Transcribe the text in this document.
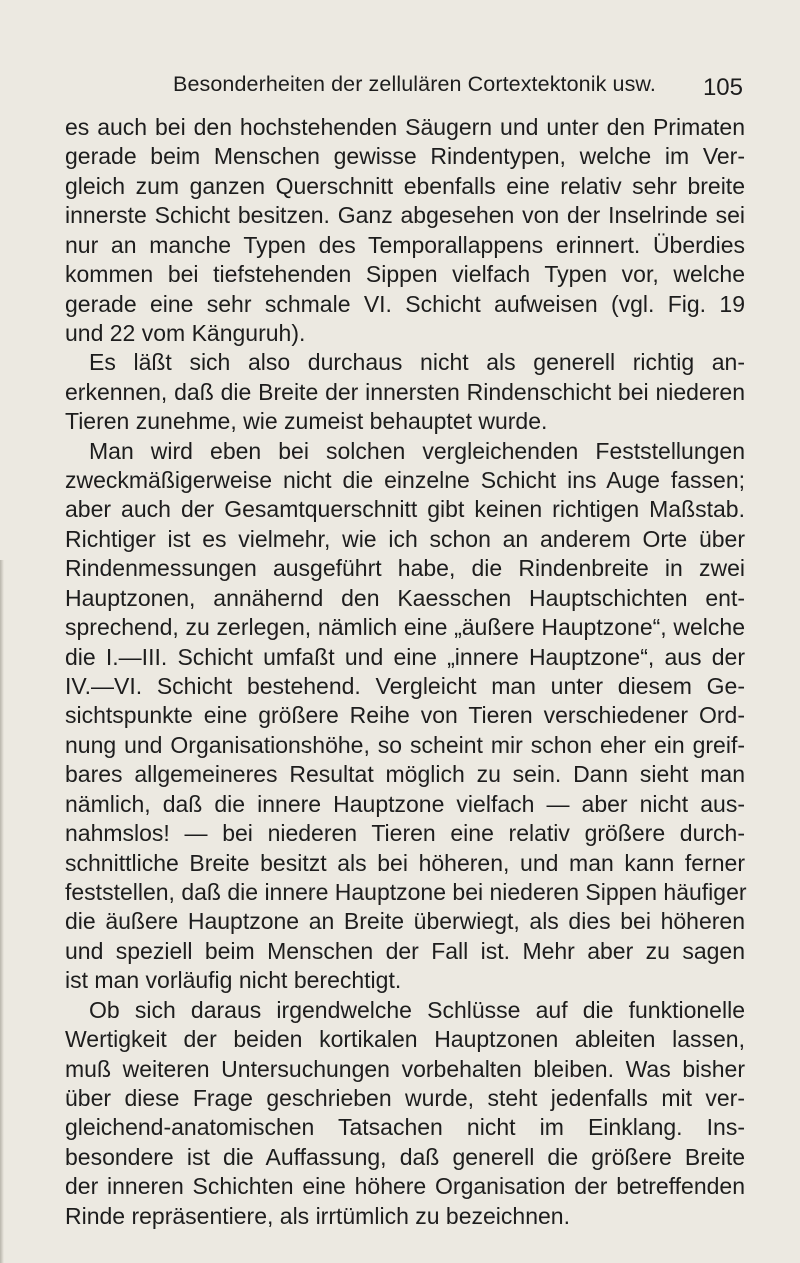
Besonderheiten der zellulären Cortextektonik usw. 105
es auch bei den hochstehenden Säugern und unter den Primaten
gerade beim Menschen gewisse Rindentypen, welche im Ver-
gleich zum ganzen Querschnitt ebenfalls eine relativ sehr breite
innerste Schicht besitzen. Ganz abgesehen von der Inselrinde sei
nur an manche Typen des Temporallappens erinnert. Überdies
kommen bei tiefstehenden Sippen vielfach Typen vor, welche
gerade eine sehr schmale VI. Schicht aufweisen (vgl. Fig. 19
und 22 vom Känguruh).
Es läßt sich also durchaus nicht als generell richtig an-
erkennen, daß die Breite der innersten Rindenschicht bei niederen
Tieren zunehme, wie zumeist behauptet wurde.
Man wird eben bei solchen vergleichenden Feststellungen
zweckmäßigerweise nicht die einzelne Schicht ins Auge fassen;
aber auch der Gesamtquerschnitt gibt keinen richtigen Maßstab.
Richtiger ist es vielmehr, wie ich schon an anderem Orte über
Rindenmessungen ausgeführt habe, die Rindenbreite in zwei
Hauptzonen, annähernd den Kaesschen Hauptschichten ent-
sprechend, zu zerlegen, nämlich eine „äußere Hauptzone“, welche
die I.—III. Schicht umfaßt und eine „innere Hauptzone“, aus der
IV.—VI. Schicht bestehend. Vergleicht man unter diesem Ge-
sichtspunkte eine größere Reihe von Tieren verschiedener Ord-
nung und Organisationshöhe, so scheint mir schon eher ein greif-
bares allgemeineres Resultat möglich zu sein. Dann sieht man
nämlich, daß die innere Hauptzone vielfach — aber nicht aus-
nahmslos! — bei niederen Tieren eine relativ größere durch-
schnittliche Breite besitzt als bei höheren, und man kann ferner
feststellen, daß die innere Hauptzone bei niederen Sippen häufiger
die äußere Hauptzone an Breite überwiegt, als dies bei höheren
und speziell beim Menschen der Fall ist. Mehr aber zu sagen
ist man vorläufig nicht berechtigt.
Ob sich daraus irgendwelche Schlüsse auf die funktionelle
Wertigkeit der beiden kortikalen Hauptzonen ableiten lassen,
muß weiteren Untersuchungen vorbehalten bleiben. Was bisher
über diese Frage geschrieben wurde, steht jedenfalls mit ver-
gleichend-anatomischen Tatsachen nicht im Einklang. Ins-
besondere ist die Auffassung, daß generell die größere Breite
der inneren Schichten eine höhere Organisation der betreffenden
Rinde repräsentiere, als irrtümlich zu bezeichnen.
